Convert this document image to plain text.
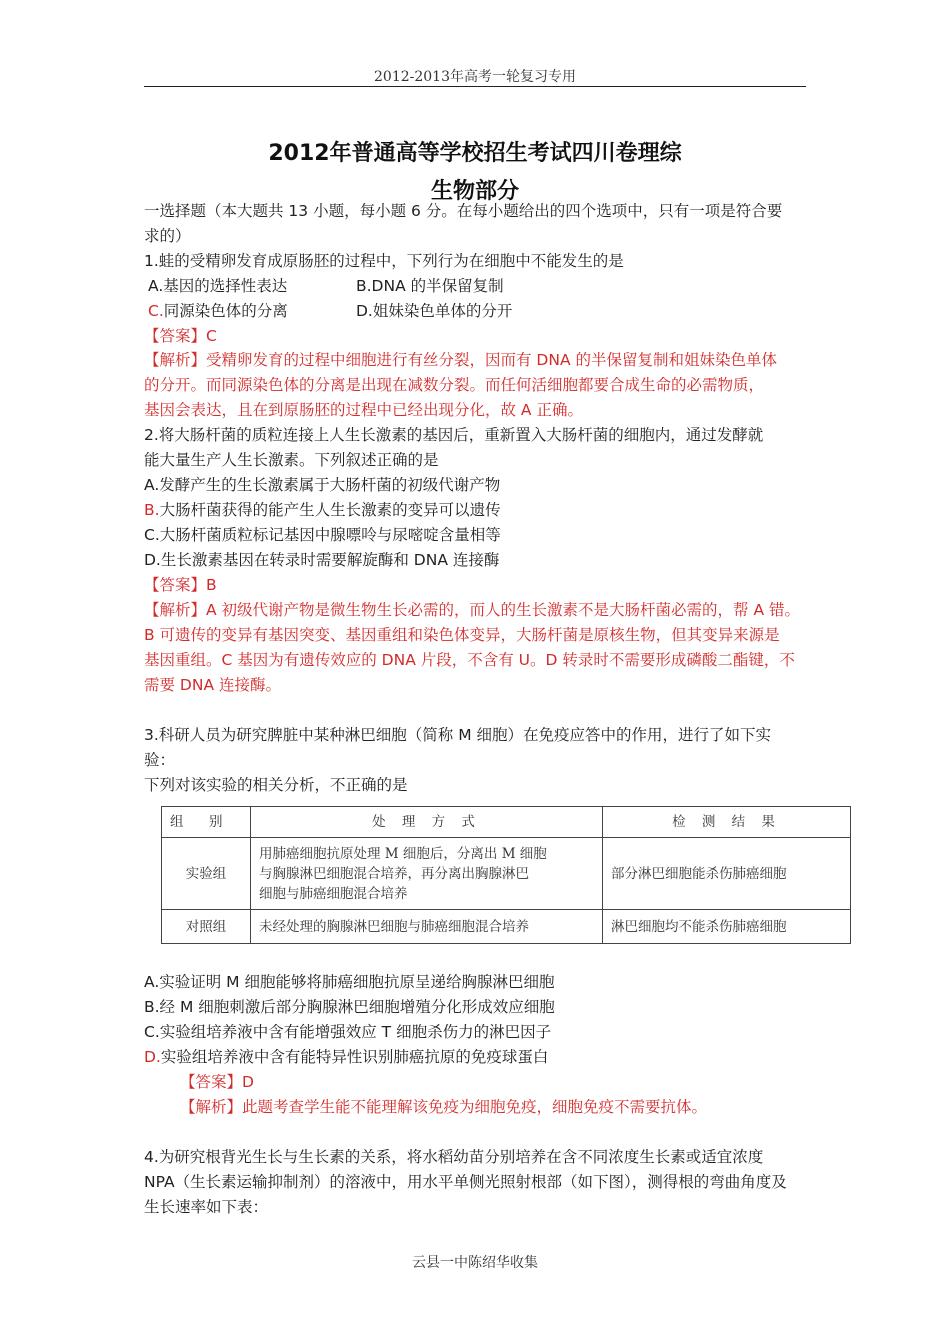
2012-2013年高考一轮复习专用
2012年普通高等学校招生考试四川卷理综
生物部分
一选择题（本大题共 13 小题，每小题 6 分。在每小题给出的四个选项中，只有一项是符合要
求的）
1.蛙的受精卵发育成原肠胚的过程中，下列行为在细胞中不能发生的是
A.基因的选择性表达	B.DNA 的半保留复制
C.同源染色体的分离	D.姐妹染色单体的分开
【答案】C
【解析】受精卵发育的过程中细胞进行有丝分裂，因而有 DNA 的半保留复制和姐妹染色单体
的分开。而同源染色体的分离是出现在减数分裂。而任何活细胞都要合成生命的必需物质，
基因会表达，且在到原肠胚的过程中已经出现分化，故 A 正确。
2.将大肠杆菌的质粒连接上人生长激素的基因后，重新置入大肠杆菌的细胞内，通过发酵就
能大量生产人生长激素。下列叙述正确的是
A.发酵产生的生长激素属于大肠杆菌的初级代谢产物
B.大肠杆菌获得的能产生人生长激素的变异可以遗传
C.大肠杆菌质粒标记基因中腺嘌呤与尿嘧啶含量相等
D.生长激素基因在转录时需要解旋酶和 DNA 连接酶
【答案】B
【解析】A 初级代谢产物是微生物生长必需的，而人的生长激素不是大肠杆菌必需的，帮 A 错。
B 可遗传的变异有基因突变、基因重组和染色体变异，大肠杆菌是原核生物，但其变异来源是
基因重组。C 基因为有遗传效应的 DNA 片段，不含有 U。D 转录时不需要形成磷酸二酯键，不
需要 DNA 连接酶。
3.科研人员为研究脾脏中某种淋巴细胞（简称 M 细胞）在免疫应答中的作用，进行了如下实
验：
下列对该实验的相关分析，不正确的是
组　别	处 理 方 式	检 测 结 果
实验组	用肺癌细胞抗原处理 M 细胞后，分离出 M 细胞
与胸腺淋巴细胞混合培养，再分离出胸腺淋巴
细胞与肺癌细胞混合培养	部分淋巴细胞能杀伤肺癌细胞
对照组	未经处理的胸腺淋巴细胞与肺癌细胞混合培养	淋巴细胞均不能杀伤肺癌细胞
A.实验证明 M 细胞能够将肺癌细胞抗原呈递给胸腺淋巴细胞
B.经 M 细胞刺激后部分胸腺淋巴细胞增殖分化形成效应细胞
C.实验组培养液中含有能增强效应 T 细胞杀伤力的淋巴因子
D.实验组培养液中含有能特异性识别肺癌抗原的免疫球蛋白
【答案】D
【解析】此题考查学生能不能理解该免疫为细胞免疫，细胞免疫不需要抗体。
4.为研究根背光生长与生长素的关系，将水稻幼苗分别培养在含不同浓度生长素或适宜浓度
NPA（生长素运输抑制剂）的溶液中，用水平单侧光照射根部（如下图），测得根的弯曲角度及
生长速率如下表：
云县一中陈绍华收集
